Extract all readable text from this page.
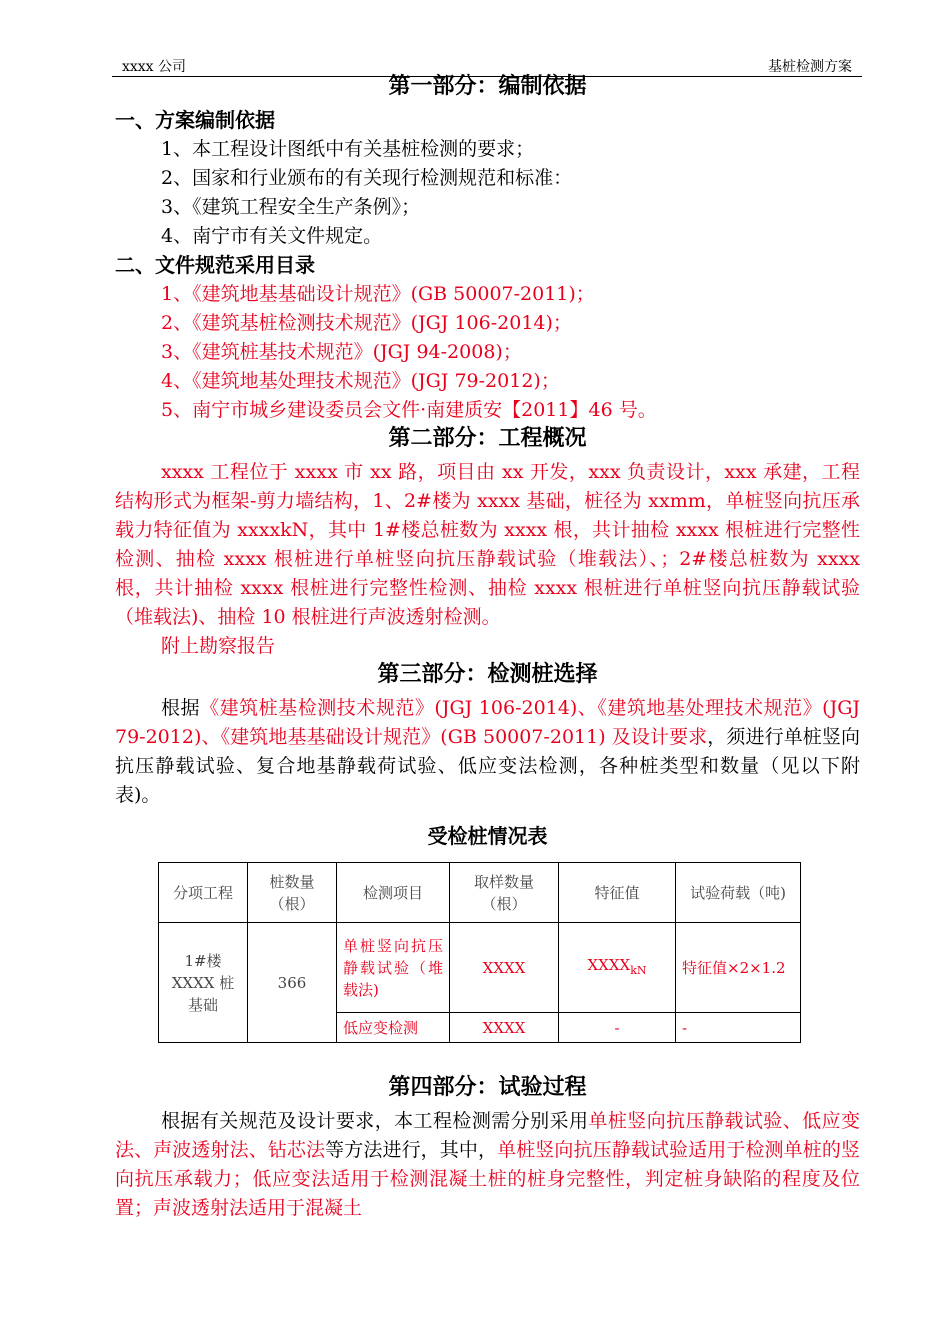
xxxx 公司	基桩检测方案
第一部分：编制依据
一、方案编制依据
1、本工程设计图纸中有关基桩检测的要求；
2、国家和行业颁布的有关现行检测规范和标准：
3、《建筑工程安全生产条例》；
4、南宁市有关文件规定。
二、文件规范采用目录
1、《建筑地基基础设计规范》(GB 50007-2011)；
2、《建筑基桩检测技术规范》(JGJ 106-2014)；
3、《建筑桩基技术规范》(JGJ 94-2008)；
4、《建筑地基处理技术规范》(JGJ 79-2012)；
5、南宁市城乡建设委员会文件·南建质安【2011】46 号。
第二部分：工程概况

xxxx 工程位于 xxxx 市 xx 路，项目由 xx 开发，xxx 负责设计，xxx 承建，工程结构形式为框架-剪力墙结构，1、2#楼为 xxxx 基础，桩径为 xxmm，单桩竖向抗压承载力特征值为 xxxxkN，其中 1#楼总桩数为 xxxx 根，共计抽检 xxxx 根桩进行完整性检测、抽检 xxxx 根桩进行单桩竖向抗压静载试验（堆载法）、；2#楼总桩数为 xxxx 根，共计抽检 xxxx 根桩进行完整性检测、抽检 xxxx 根桩进行单桩竖向抗压静载试验（堆载法)、抽检 10 根桩进行声波透射检测。

附上勘察报告

第三部分：检测桩选择

根据《建筑桩基检测技术规范》(JGJ 106-2014)、《建筑地基处理技术规范》(JGJ 79-2012)、《建筑地基基础设计规范》(GB 50007-2011) 及设计要求，须进行单桩竖向抗压静载试验、复合地基静载荷试验、低应变法检测，各种桩类型和数量（见以下附表)。

受检桩情况表
分项工程	桩数量（根）	检测项目	取样数量（根）	特征值	试验荷载（吨)
1#楼 XXXX 桩基础	366	单桩竖向抗压静载试验（堆载法)	XXXX	$XXXX_{kN}$	特征值×2×1.2
		低应变检测	XXXX	-	-
第四部分：试验过程

根据有关规范及设计要求，本工程检测需分别采用单桩竖向抗压静载试验、低应变法、声波透射法、钻芯法等方法进行，其中，单桩竖向抗压静载试验适用于检测单桩的竖向抗压承载力；低应变法适用于检测混凝土桩的桩身完整性，判定桩身缺陷的程度及位置；声波透射法适用于混凝土
